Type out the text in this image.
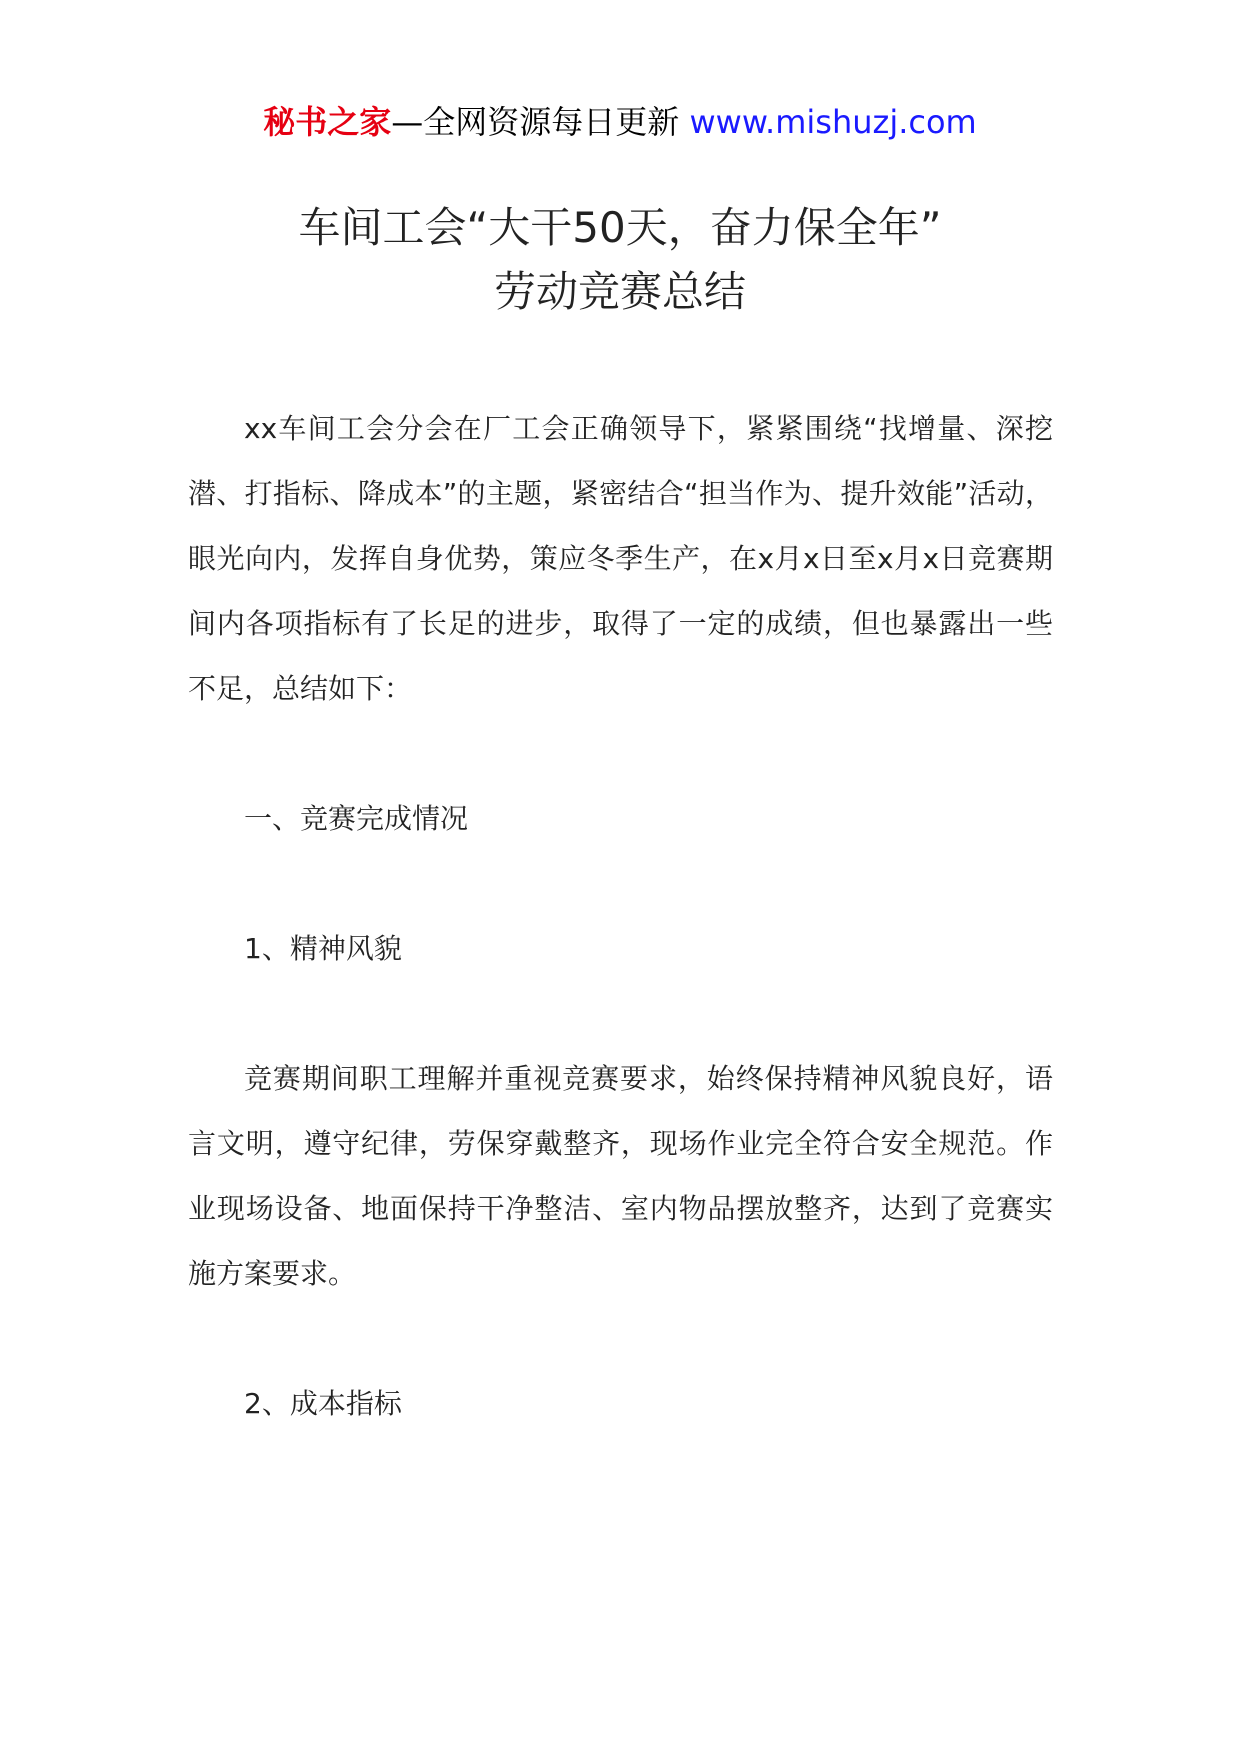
秘书之家—全网资源每日更新 www.mishuzj.com
车间工会“大干50天，奋力保全年”
劳动竞赛总结

xx车间工会分会在厂工会正确领导下，紧紧围绕“找增量、深挖潜、打指标、降成本”的主题，紧密结合“担当作为、提升效能”活动，眼光向内，发挥自身优势，策应冬季生产，在x月x日至x月x日竞赛期间内各项指标有了长足的进步，取得了一定的成绩，但也暴露出一些不足，总结如下：

一、竞赛完成情况

1、精神风貌

竞赛期间职工理解并重视竞赛要求，始终保持精神风貌良好，语言文明，遵守纪律，劳保穿戴整齐，现场作业完全符合安全规范。作业现场设备、地面保持干净整洁、室内物品摆放整齐，达到了竞赛实施方案要求。

2、成本指标
